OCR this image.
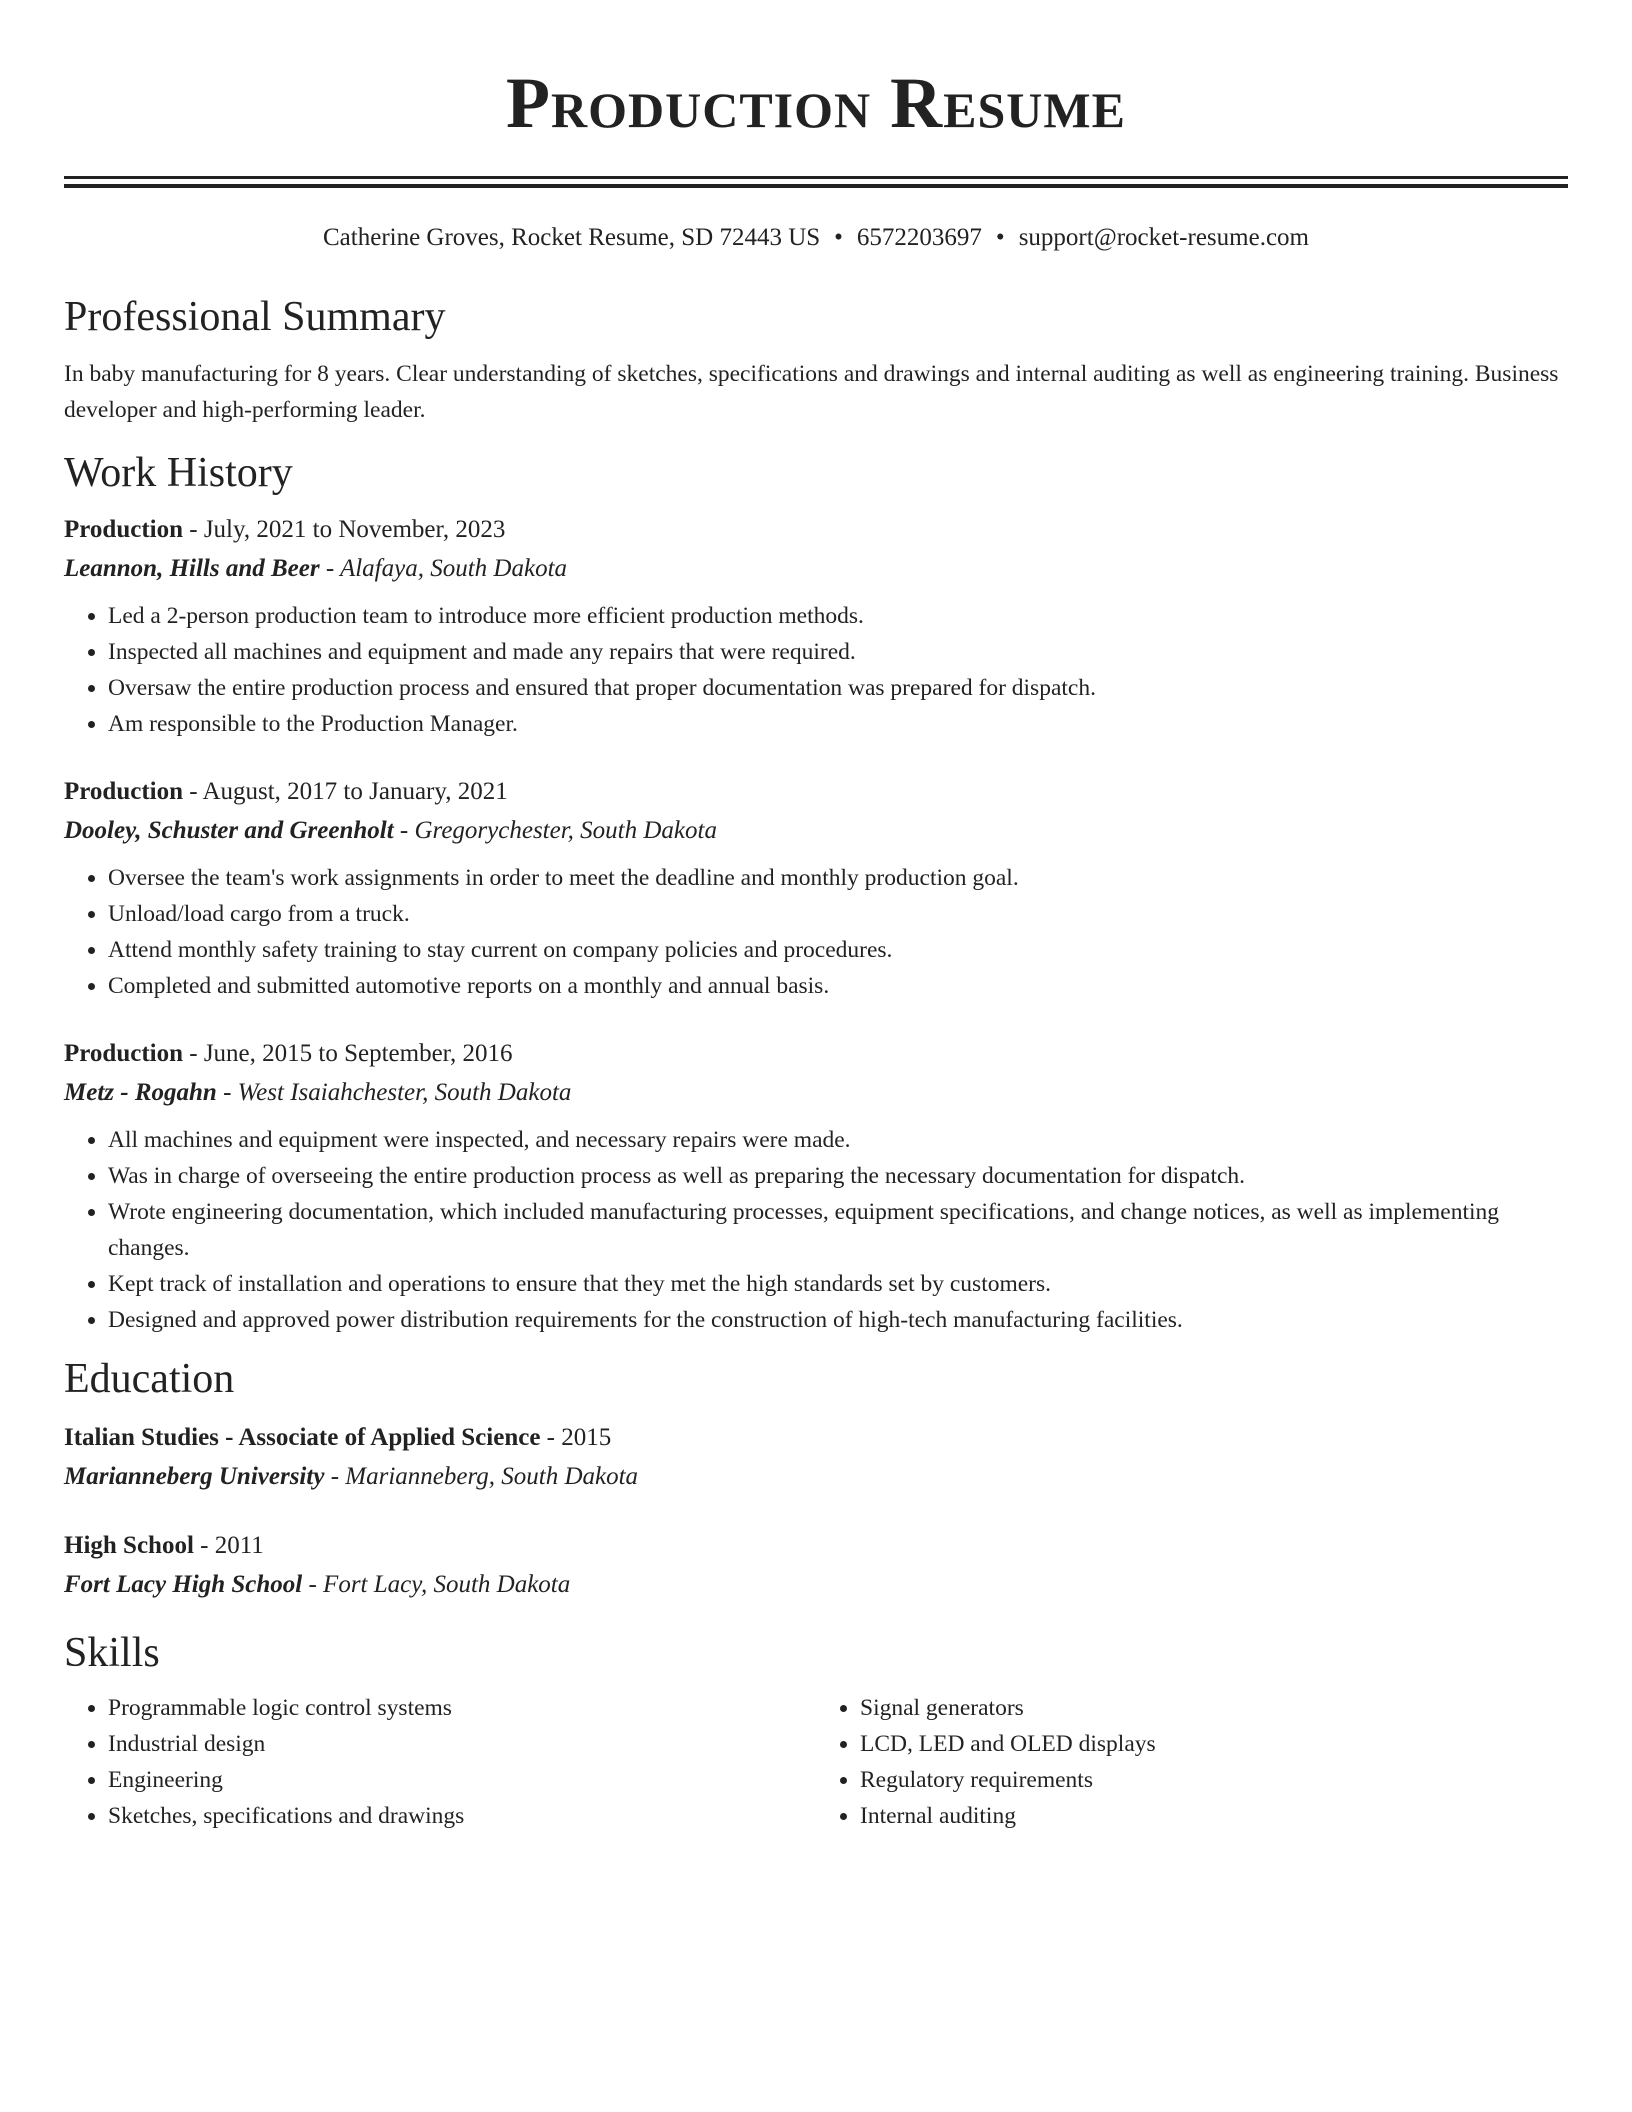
Production Resume
Catherine Groves, Rocket Resume, SD 72443 US • 6572203697 • support@rocket-resume.com
Professional Summary
In baby manufacturing for 8 years. Clear understanding of sketches, specifications and drawings and internal auditing as well as engineering training. Business developer and high-performing leader.
Work History
Production - July, 2021 to November, 2023
Leannon, Hills and Beer - Alafaya, South Dakota
• Led a 2-person production team to introduce more efficient production methods.
• Inspected all machines and equipment and made any repairs that were required.
• Oversaw the entire production process and ensured that proper documentation was prepared for dispatch.
• Am responsible to the Production Manager.
Production - August, 2017 to January, 2021
Dooley, Schuster and Greenholt - Gregorychester, South Dakota
• Oversee the team's work assignments in order to meet the deadline and monthly production goal.
• Unload/load cargo from a truck.
• Attend monthly safety training to stay current on company policies and procedures.
• Completed and submitted automotive reports on a monthly and annual basis.
Production - June, 2015 to September, 2016
Metz - Rogahn - West Isaiahchester, South Dakota
• All machines and equipment were inspected, and necessary repairs were made.
• Was in charge of overseeing the entire production process as well as preparing the necessary documentation for dispatch.
• Wrote engineering documentation, which included manufacturing processes, equipment specifications, and change notices, as well as implementing changes.
• Kept track of installation and operations to ensure that they met the high standards set by customers.
• Designed and approved power distribution requirements for the construction of high-tech manufacturing facilities.
Education
Italian Studies - Associate of Applied Science - 2015
Marianneberg University - Marianneberg, South Dakota
High School - 2011
Fort Lacy High School - Fort Lacy, South Dakota
Skills
• Programmable logic control systems
• Industrial design
• Engineering
• Sketches, specifications and drawings
• Signal generators
• LCD, LED and OLED displays
• Regulatory requirements
• Internal auditing
